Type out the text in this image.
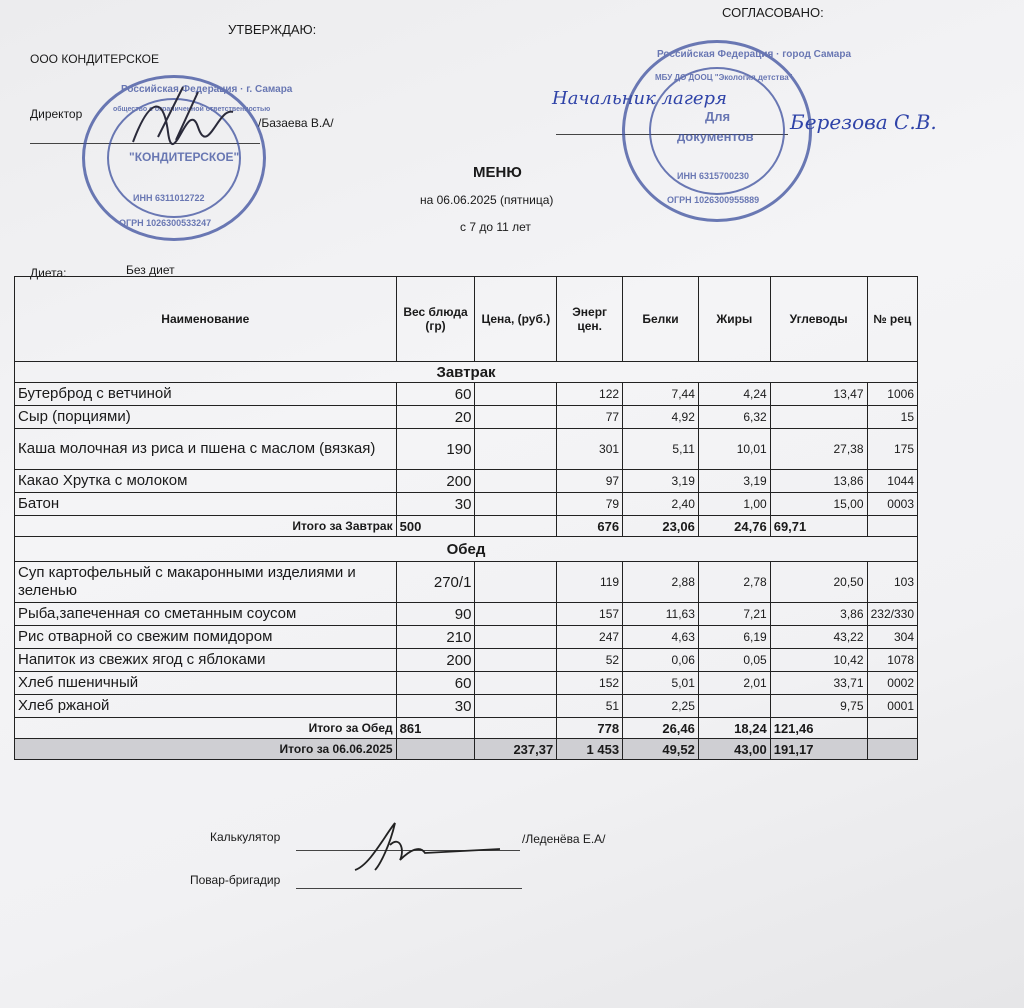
УТВЕРЖДАЮ:
ООО КОНДИТЕРСКОЕ
Директор
/Базаева В.А/
Российская Федерация · г. Самара
общество с ограниченной ответственностью
"КОНДИТЕРСКОЕ"
ИНН 6311012722
ОГРН 1026300533247
СОГЛАСОВАНО:
Начальник лагеря
Березова С.В.
Российская Федерация · город Самара
МБУ ДО ДООЦ "Экология детства"
Для
документов
ИНН 6315700230
ОГРН 1026300955889
МЕНЮ
на 06.06.2025 (пятница)
с 7 до 11 лет
Диета:	Без диет
Наименование	Вес блюда (гр)	Цена, (руб.)	Энерг цен.	Белки	Жиры	Углеводы	№ рец
Завтрак							
Бутерброд с ветчиной	60		122	7,44	4,24	13,47	1006
Сыр (порциями)	20		77	4,92	6,32		15
Каша молочная из риса и пшена с маслом (вязкая)	190		301	5,11	10,01	27,38	175
Какао Хрутка с молоком	200		97	3,19	3,19	13,86	1044
Батон	30		79	2,40	1,00	15,00	0003
Итого за Завтрак	500		676	23,06	24,76	69,71	
Обед							
Суп картофельный с макаронными изделиями и зеленью	270/1		119	2,88	2,78	20,50	103
Рыба,запеченная со сметанным соусом	90		157	11,63	7,21	3,86	232/330
Рис отварной со свежим помидором	210		247	4,63	6,19	43,22	304
Напиток из свежих ягод с яблоками	200		52	0,06	0,05	10,42	1078
Хлеб пшеничный	60		152	5,01	2,01	33,71	0002
Хлеб ржаной	30		51	2,25		9,75	0001
Итого за Обед	861		778	26,46	18,24	121,46	
Итого за 06.06.2025		237,37	1 453	49,52	43,00	191,17	
Калькулятор	/Леденёва Е.А/
Повар-бригадир
